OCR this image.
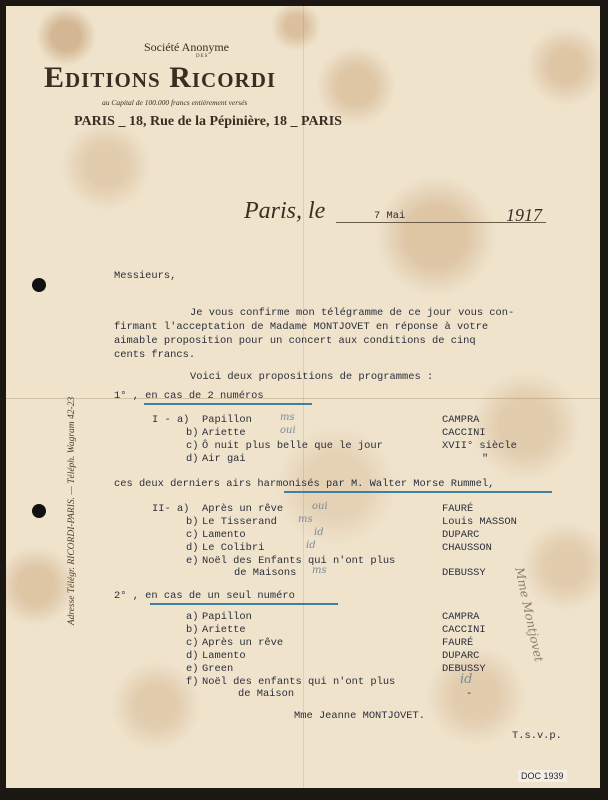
Société Anonyme
DES
Editions Ricordi
au Capital de 100.000 francs entièrement versés
PARIS _ 18, Rue de la Pépinière, 18 _ PARIS
Adresse Télégr. RICORDI-PARIS. — Téléph. Wagram 42-23
Paris, le	7 Mai	1917
Messieurs,
Je vous confirme mon télégramme de ce jour vous con-
firmant l'acceptation de Madame MONTJOVET en réponse à votre
aimable proposition pour un concert aux conditions de cinq
cents francs.
Voici deux propositions de programmes :
1° , en cas de 2 numéros
I - a) Papillon	ms	CAMPRA
b) Ariette	oui	CACCINI
c) Ô nuit plus belle que le jour	XVII° siècle
d) Air gai	"
ces deux derniers airs harmonisés par M. Walter Morse Rummel,
II- a) Après un rêve	oui	FAURÉ
b) Le Tisserand ms	Louis MASSON
c) Lamento	id	DUPARC
d) Le Colibri	id	CHAUSSON
e) Noël des Enfants qui n'ont plus
de Maisons ms	DEBUSSY
2° , en cas de un seul numéro
a) Papillon	CAMPRA
b) Ariette	CACCINI
c) Après un rêve	FAURÉ
d) Lamento	DUPARC
e) Green	DEBUSSY
f) Noël des enfants qui n'ont plus	id
de Maison	-
Mme Jeanne MONTJOVET.
T.s.v.p.
Mme Montjovet
DOC 1939
